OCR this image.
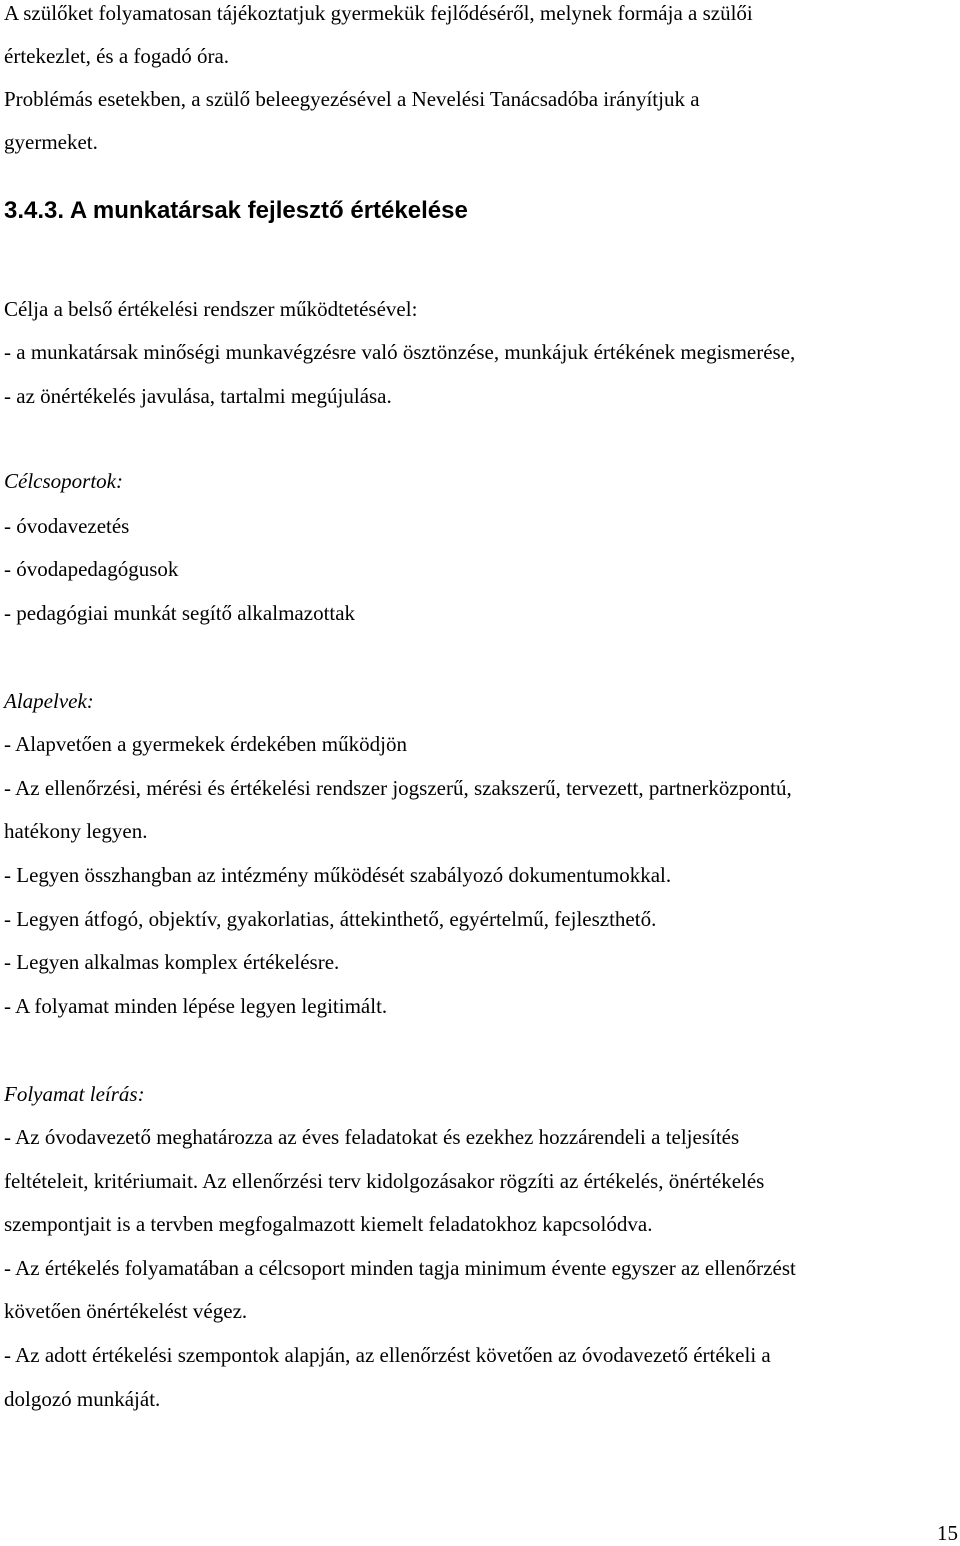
A szülőket folyamatosan tájékoztatjuk gyermekük fejlődéséről, melynek formája a szülői
értekezlet, és a fogadó óra.
Problémás esetekben, a szülő beleegyezésével a Nevelési Tanácsadóba irányítjuk a
gyermeket.
3.4.3. A munkatársak fejlesztő értékelése
Célja a belső értékelési rendszer működtetésével:
- a munkatársak minőségi munkavégzésre való ösztönzése, munkájuk értékének megismerése,
- az önértékelés javulása, tartalmi megújulása.
Célcsoportok:
- óvodavezetés
- óvodapedagógusok
- pedagógiai munkát segítő alkalmazottak
Alapelvek:
- Alapvetően a gyermekek érdekében működjön
- Az ellenőrzési, mérési és értékelési rendszer jogszerű, szakszerű, tervezett, partnerközpontú,
hatékony legyen.
- Legyen összhangban az intézmény működését szabályozó dokumentumokkal.
- Legyen átfogó, objektív, gyakorlatias, áttekinthető, egyértelmű, fejleszthető.
- Legyen alkalmas komplex értékelésre.
- A folyamat minden lépése legyen legitimált.
Folyamat leírás:
- Az óvodavezető meghatározza az éves feladatokat és ezekhez hozzárendeli a teljesítés
feltételeit, kritériumait. Az ellenőrzési terv kidolgozásakor rögzíti az értékelés, önértékelés
szempontjait is a tervben megfogalmazott kiemelt feladatokhoz kapcsolódva.
- Az értékelés folyamatában a célcsoport minden tagja minimum évente egyszer az ellenőrzést
követően önértékelést végez.
- Az adott értékelési szempontok alapján, az ellenőrzést követően az óvodavezető értékeli a
dolgozó munkáját.
15
